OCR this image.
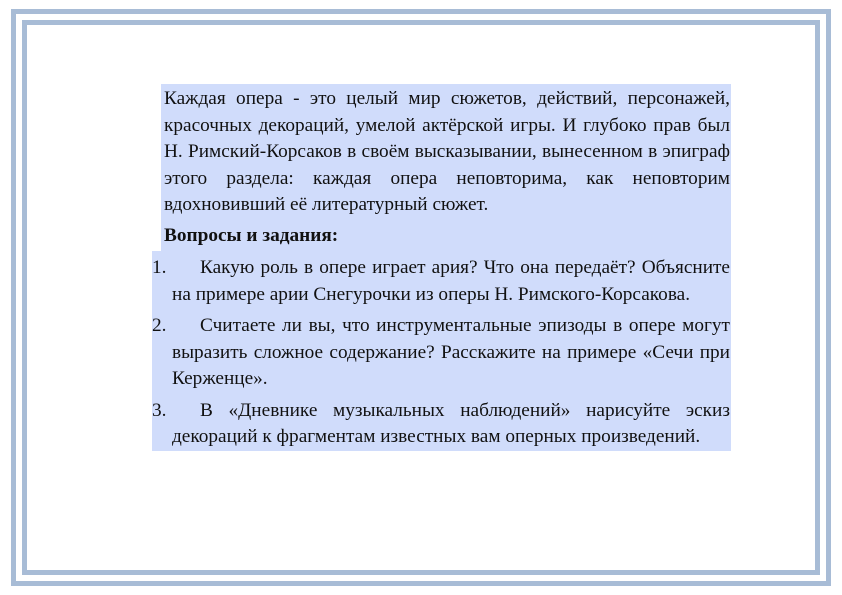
Каждая опера - это целый мир сюжетов, действий, персонажей, красочных декораций, умелой актёрской игры. И глубоко прав был Н. Римский-Корсаков в своём высказывании, вынесенном в эпиграф этого раздела: каждая опера неповторима, как неповторим вдохновивший её литературный сюжет.
Вопросы и задания:
1.	Какую роль в опере играет ария? Что она передаёт? Объясните на примере арии Снегурочки из оперы Н. Римского-Корсакова.
2.	Считаете ли вы, что инструментальные эпизоды в опере могут выразить сложное содержание? Расскажите на примере «Сечи при Керженце».
3.	В «Дневнике музыкальных наблюдений» нарисуйте эскиз декораций к фрагментам известных вам оперных произведений.
